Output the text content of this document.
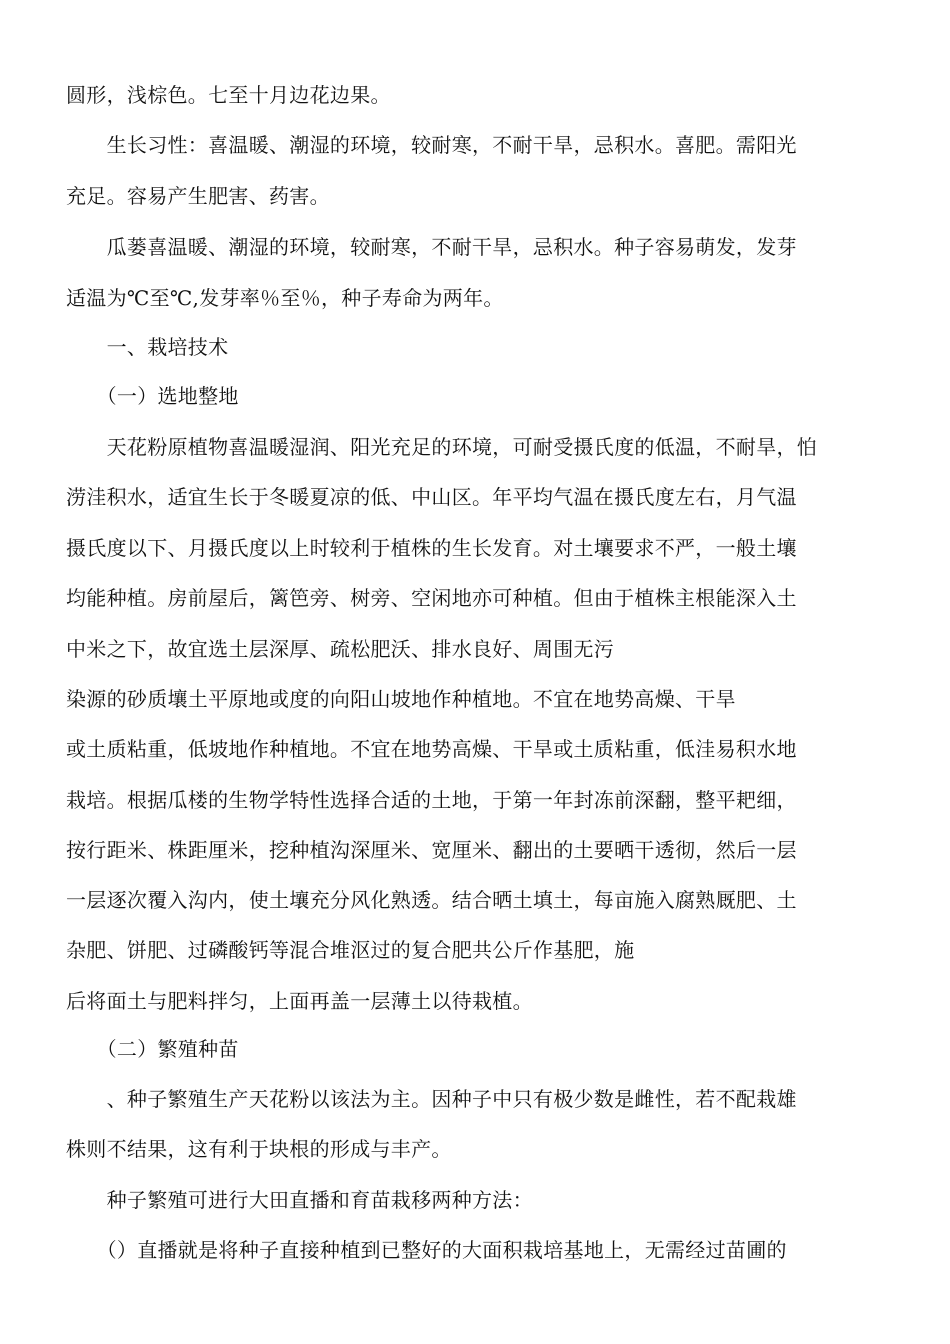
圆形，浅棕色。七至十月边花边果。
　　生长习性：喜温暖、潮湿的环境，较耐寒，不耐干旱，忌积水。喜肥。需阳光
充足。容易产生肥害、药害。
　　瓜蒌喜温暖、潮湿的环境，较耐寒，不耐干旱，忌积水。种子容易萌发，发芽
适温为℃至℃,发芽率％至％，种子寿命为两年。
　　一、栽培技术
　　（一）选地整地
　　天花粉原植物喜温暖湿润、阳光充足的环境，可耐受摄氏度的低温，不耐旱，怕
涝洼积水，适宜生长于冬暖夏凉的低、中山区。年平均气温在摄氏度左右，月气温
摄氏度以下、月摄氏度以上时较利于植株的生长发育。对土壤要求不严，一般土壤
均能种植。房前屋后，篱笆旁、树旁、空闲地亦可种植。但由于植株主根能深入土
中米之下，故宜选土层深厚、疏松肥沃、排水良好、周围无污
染源的砂质壤土平原地或度的向阳山坡地作种植地。不宜在地势高燥、干旱
或土质粘重，低坡地作种植地。不宜在地势高燥、干旱或土质粘重，低洼易积水地
栽培。根据瓜楼的生物学特性选择合适的土地，于第一年封冻前深翻，整平耙细，
按行距米、株距厘米，挖种植沟深厘米、宽厘米、翻出的土要晒干透彻，然后一层
一层逐次覆入沟内，使土壤充分风化熟透。结合晒土填土，每亩施入腐熟厩肥、土
杂肥、饼肥、过磷酸钙等混合堆沤过的复合肥共公斤作基肥，施
后将面土与肥料拌匀，上面再盖一层薄土以待栽植。
　　（二）繁殖种苗
　　、种子繁殖生产天花粉以该法为主。因种子中只有极少数是雌性，若不配栽雄
株则不结果，这有利于块根的形成与丰产。
　　种子繁殖可进行大田直播和育苗栽移两种方法：
　　（）直播就是将种子直接种植到已整好的大面积栽培基地上，无需经过苗圃的
